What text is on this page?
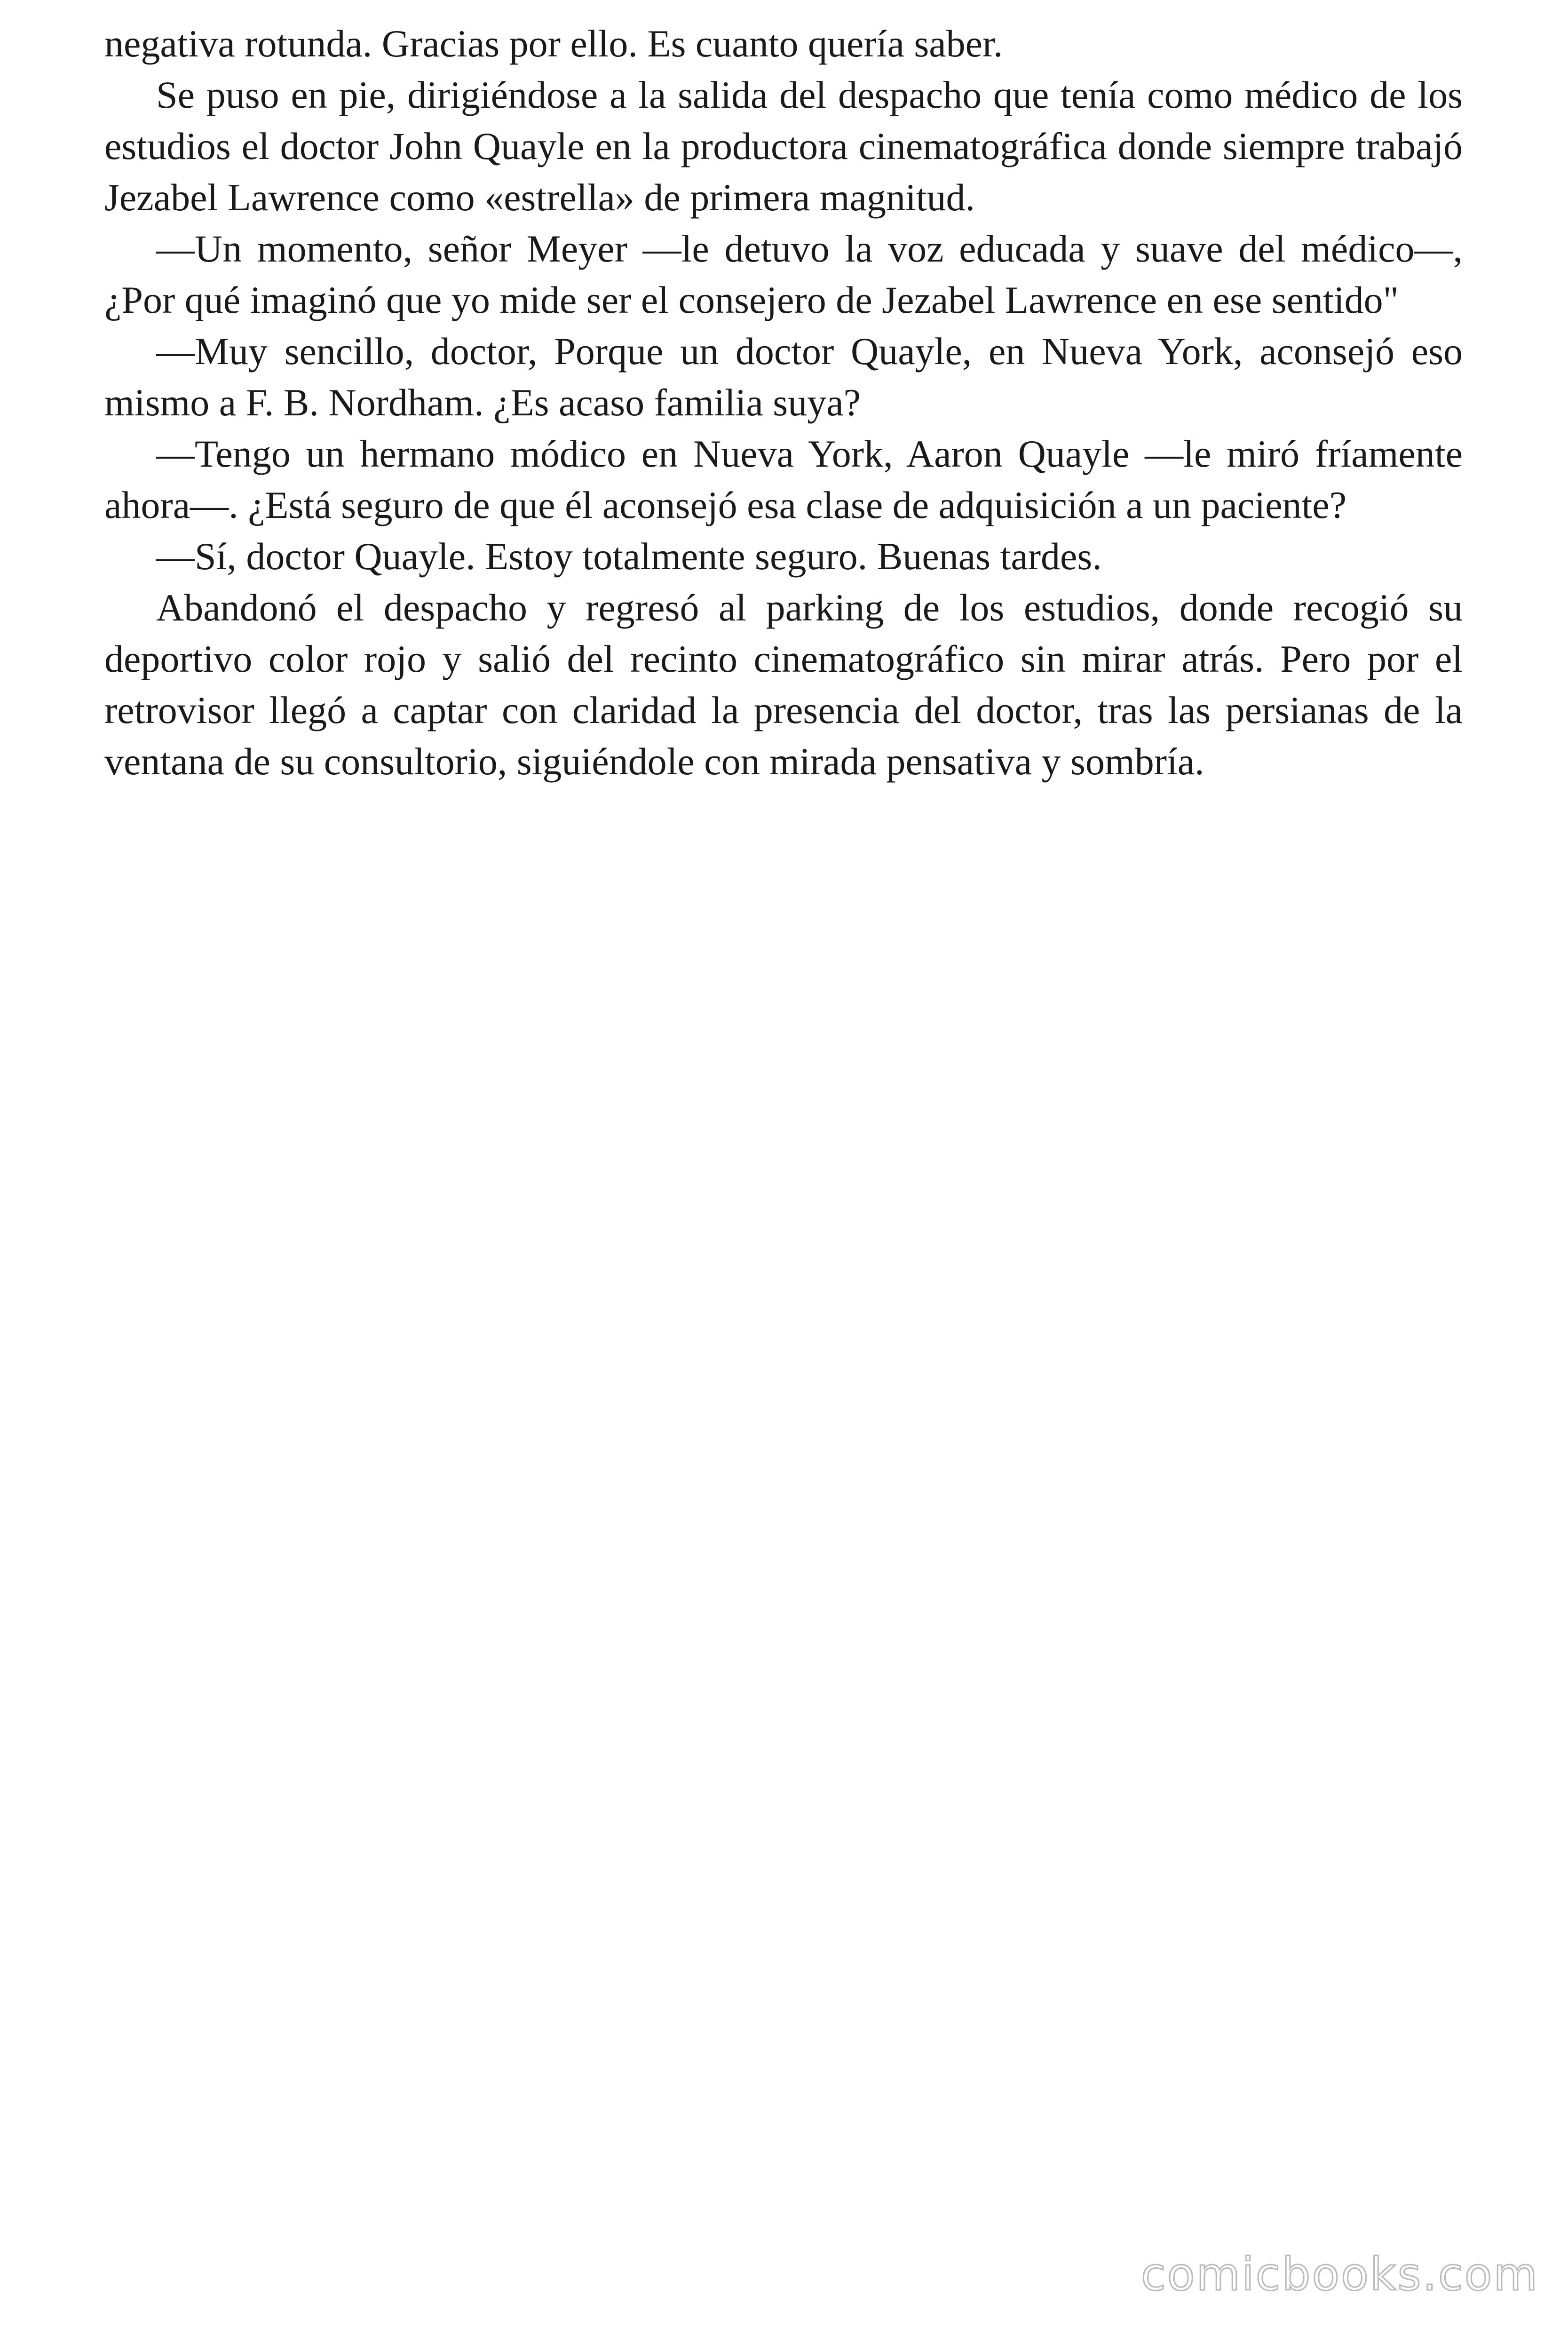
negativa rotunda. Gracias por ello. Es cuanto quería saber.

Se puso en pie, dirigiéndose a la salida del despacho que tenía como médico de los estudios el doctor John Quayle en la productora cinematográfica donde siempre trabajó Jezabel Lawrence como «estrella» de primera magnitud.

—Un momento, señor Meyer —le detuvo la voz educada y suave del médico—, ¿Por qué imaginó que yo mide ser el consejero de Jezabel Lawrence en ese sentido"

—Muy sencillo, doctor, Porque un doctor Quayle, en Nueva York, aconsejó eso mismo a F. B. Nordham. ¿Es acaso familia suya?

—Tengo un hermano módico en Nueva York, Aaron Quayle —le miró fríamente ahora—. ¿Está seguro de que él aconsejó esa clase de adquisición a un paciente?

—Sí, doctor Quayle. Estoy totalmente seguro. Buenas tardes.

Abandonó el despacho y regresó al parking de los estudios, donde recogió su deportivo color rojo y salió del recinto cinematográfico sin mirar atrás. Pero por el retrovisor llegó a captar con claridad la presencia del doctor, tras las persianas de la ventana de su consultorio, siguiéndole con mirada pensativa y sombría.

comicbooks.com
